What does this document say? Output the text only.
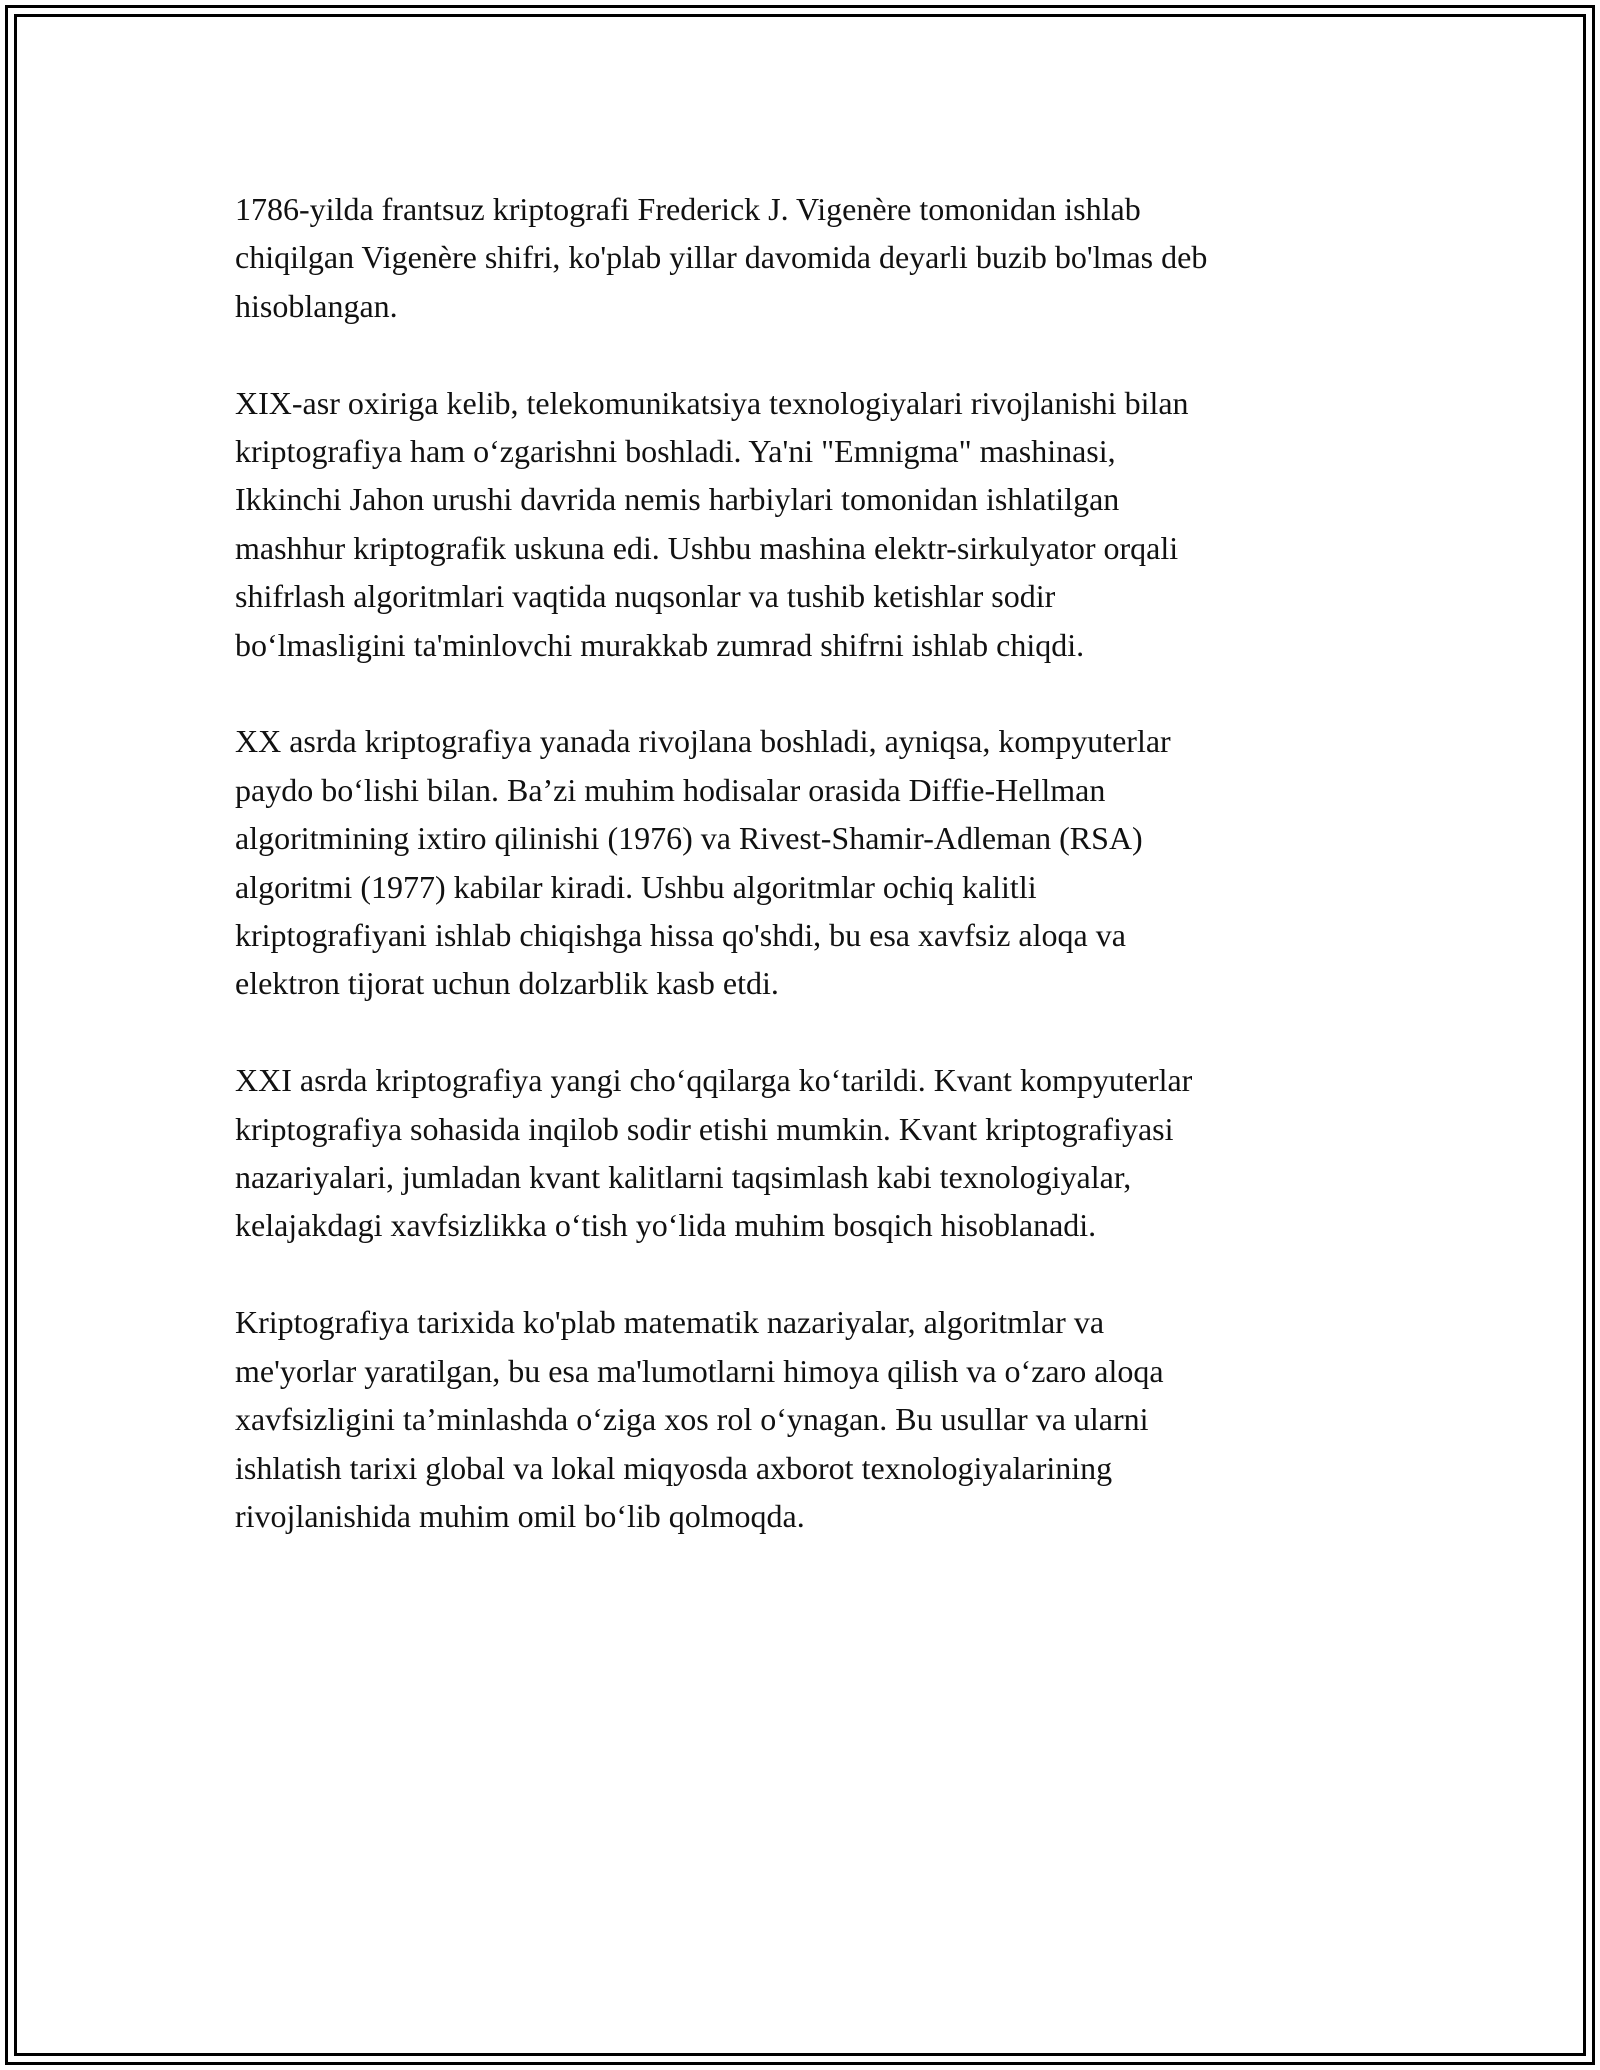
1786-yilda frantsuz kriptografi Frederick J. Vigenère tomonidan ishlab
chiqilgan Vigenère shifri, ko'plab yillar davomida deyarli buzib bo'lmas deb
hisoblangan.

XIX-asr oxiriga kelib, telekomunikatsiya texnologiyalari rivojlanishi bilan
kriptografiya ham o‘zgarishni boshladi. Ya'ni "Emnigma" mashinasi,
Ikkinchi Jahon urushi davrida nemis harbiylari tomonidan ishlatilgan
mashhur kriptografik uskuna edi. Ushbu mashina elektr-sirkulyator orqali
shifrlash algoritmlari vaqtida nuqsonlar va tushib ketishlar sodir
bo‘lmasligini ta'minlovchi murakkab zumrad shifrni ishlab chiqdi.

XX asrda kriptografiya yanada rivojlana boshladi, ayniqsa, kompyuterlar
paydo bo‘lishi bilan. Ba’zi muhim hodisalar orasida Diffie-Hellman
algoritmining ixtiro qilinishi (1976) va Rivest-Shamir-Adleman (RSA)
algoritmi (1977) kabilar kiradi. Ushbu algoritmlar ochiq kalitli
kriptografiyani ishlab chiqishga hissa qo'shdi, bu esa xavfsiz aloqa va
elektron tijorat uchun dolzarblik kasb etdi.

XXI asrda kriptografiya yangi cho‘qqilarga ko‘tarildi. Kvant kompyuterlar
kriptografiya sohasida inqilob sodir etishi mumkin. Kvant kriptografiyasi
nazariyalari, jumladan kvant kalitlarni taqsimlash kabi texnologiyalar,
kelajakdagi xavfsizlikka o‘tish yo‘lida muhim bosqich hisoblanadi.

Kriptografiya tarixida ko'plab matematik nazariyalar, algoritmlar va
me'yorlar yaratilgan, bu esa ma'lumotlarni himoya qilish va o‘zaro aloqa
xavfsizligini ta’minlashda o‘ziga xos rol o‘ynagan. Bu usullar va ularni
ishlatish tarixi global va lokal miqyosda axborot texnologiyalarining
rivojlanishida muhim omil bo‘lib qolmoqda.
